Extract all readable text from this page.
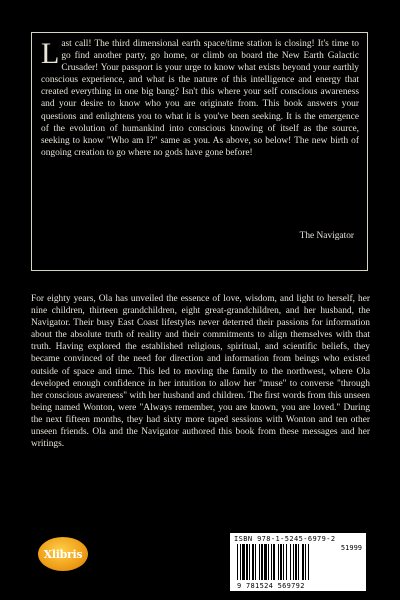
Last call! The third dimensional earth space/time station is closing! It's time to go find another party, go home, or climb on board the New Earth Galactic Crusader! Your passport is your urge to know what exists beyond your earthly conscious experience, and what is the nature of this intelligence and energy that created everything in one big bang? Isn't this where your self conscious awareness and your desire to know who you are originate from. This book answers your questions and enlightens you to what it is you've been seeking. It is the emergence of the evolution of humankind into conscious knowing of itself as the source, seeking to know "Who am I?" same as you. As above, so below! The new birth of ongoing creation to go where no gods have gone before!

The Navigator

For eighty years, Ola has unveiled the essence of love, wisdom, and light to herself, her nine children, thirteen grandchildren, eight great-grandchildren, and her husband, the Navigator. Their busy East Coast lifestyles never deterred their passions for information about the absolute truth of reality and their commitments to align themselves with that truth. Having explored the established religious, spiritual, and scientific beliefs, they became convinced of the need for direction and information from beings who existed outside of space and time. This led to moving the family to the northwest, where Ola developed enough confidence in her intuition to allow her "muse" to converse "through her conscious awareness" with her husband and children. The first words from this unseen being named Wonton, were "Always remember, you are known, you are loved." During the next fifteen months, they had sixty more taped sessions with Wonton and ten other unseen friends. Ola and the Navigator authored this book from these messages and her writings.

Xlibris

ISBN 978-1-5245-6979-2

51999

9 781524 569792
